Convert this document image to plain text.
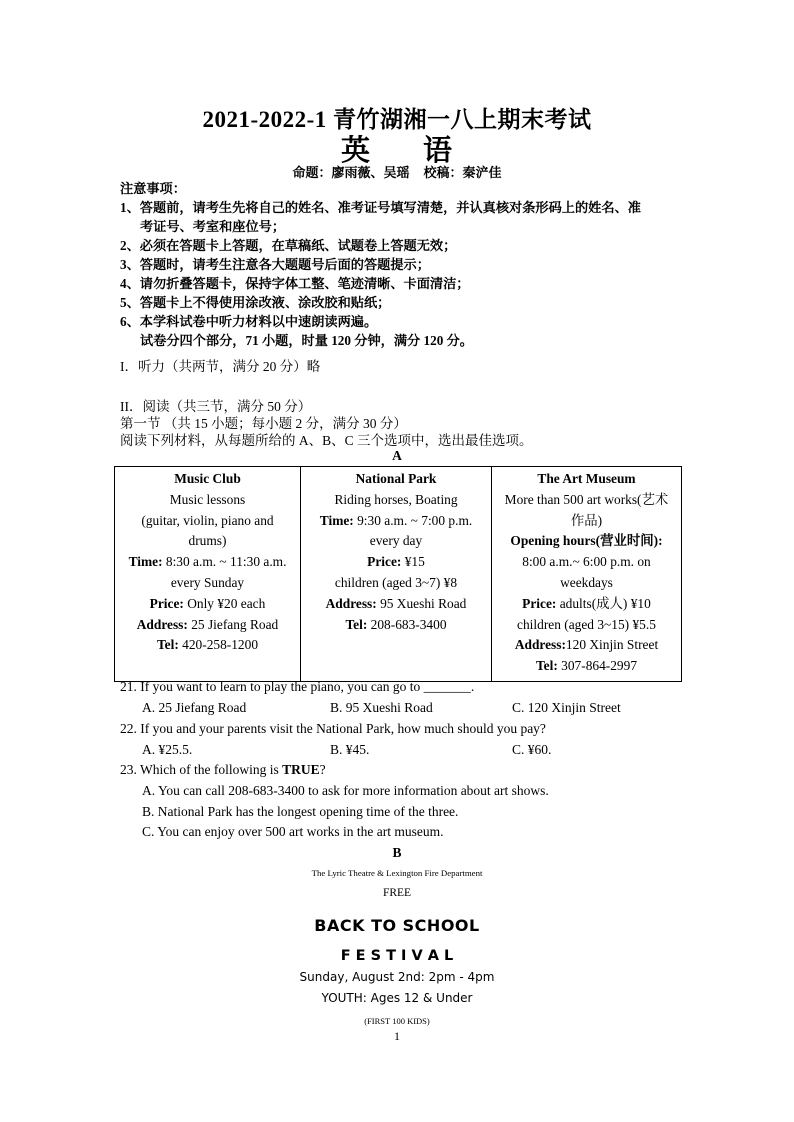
2021-2022-1 青竹湖湘一八上期末考试
英 语
命题：廖雨薇、吴瑶 校稿：秦浐佳
注意事项：
1、答题前，请考生先将自己的姓名、准考证号填写清楚，并认真核对条形码上的姓名、准
考证号、考室和座位号；
2、必须在答题卡上答题，在草稿纸、试题卷上答题无效；
3、答题时，请考生注意各大题题号后面的答题提示；
4、请勿折叠答题卡，保持字体工整、笔迹清晰、卡面清洁；
5、答题卡上不得使用涂改液、涂改胶和贴纸；
6、本学科试卷中听力材料以中速朗读两遍。
试卷分四个部分，71 小题，时量 120 分钟，满分 120 分。
I．听力（共两节，满分 20 分）略
II．阅读（共三节，满分 50 分）
第一节 （共 15 小题；每小题 2 分，满分 30 分）
阅读下列材料，从每题所给的 A、B、C 三个选项中，选出最佳选项。
A
Music Club
Music lessons
(guitar, violin, piano and
drums)
Time: 8:30 a.m. ~ 11:30 a.m.
every Sunday
Price: Only ¥20 each
Address: 25 Jiefang Road
Tel: 420-258-1200

National Park
Riding horses, Boating
Time: 9:30 a.m. ~ 7:00 p.m.
every day
Price: ¥15
children (aged 3~7) ¥8
Address: 95 Xueshi Road
Tel: 208-683-3400

The Art Museum
More than 500 art works(艺术
作品)
Opening hours(营业时间):
8:00 a.m.~ 6:00 p.m. on
weekdays
Price: adults(成人) ¥10
children (aged 3~15) ¥5.5
Address:120 Xinjin Street
Tel: 307-864-2997
21. If you want to learn to play the piano, you can go to _______.
A. 25 Jiefang Road	B. 95 Xueshi Road	C. 120 Xinjin Street
22. If you and your parents visit the National Park, how much should you pay?
A. ¥25.5.	B. ¥45.	C. ¥60.
23. Which of the following is TRUE?
A. You can call 208-683-3400 to ask for more information about art shows.
B. National Park has the longest opening time of the three.
C. You can enjoy over 500 art works in the art museum.
B
The Lyric Theatre & Lexington Fire Department
FREE
BACK TO SCHOOL
F E S T I V A L
Sunday, August 2nd: 2pm - 4pm
YOUTH: Ages 12 & Under
(FIRST 100 KIDS)
1
